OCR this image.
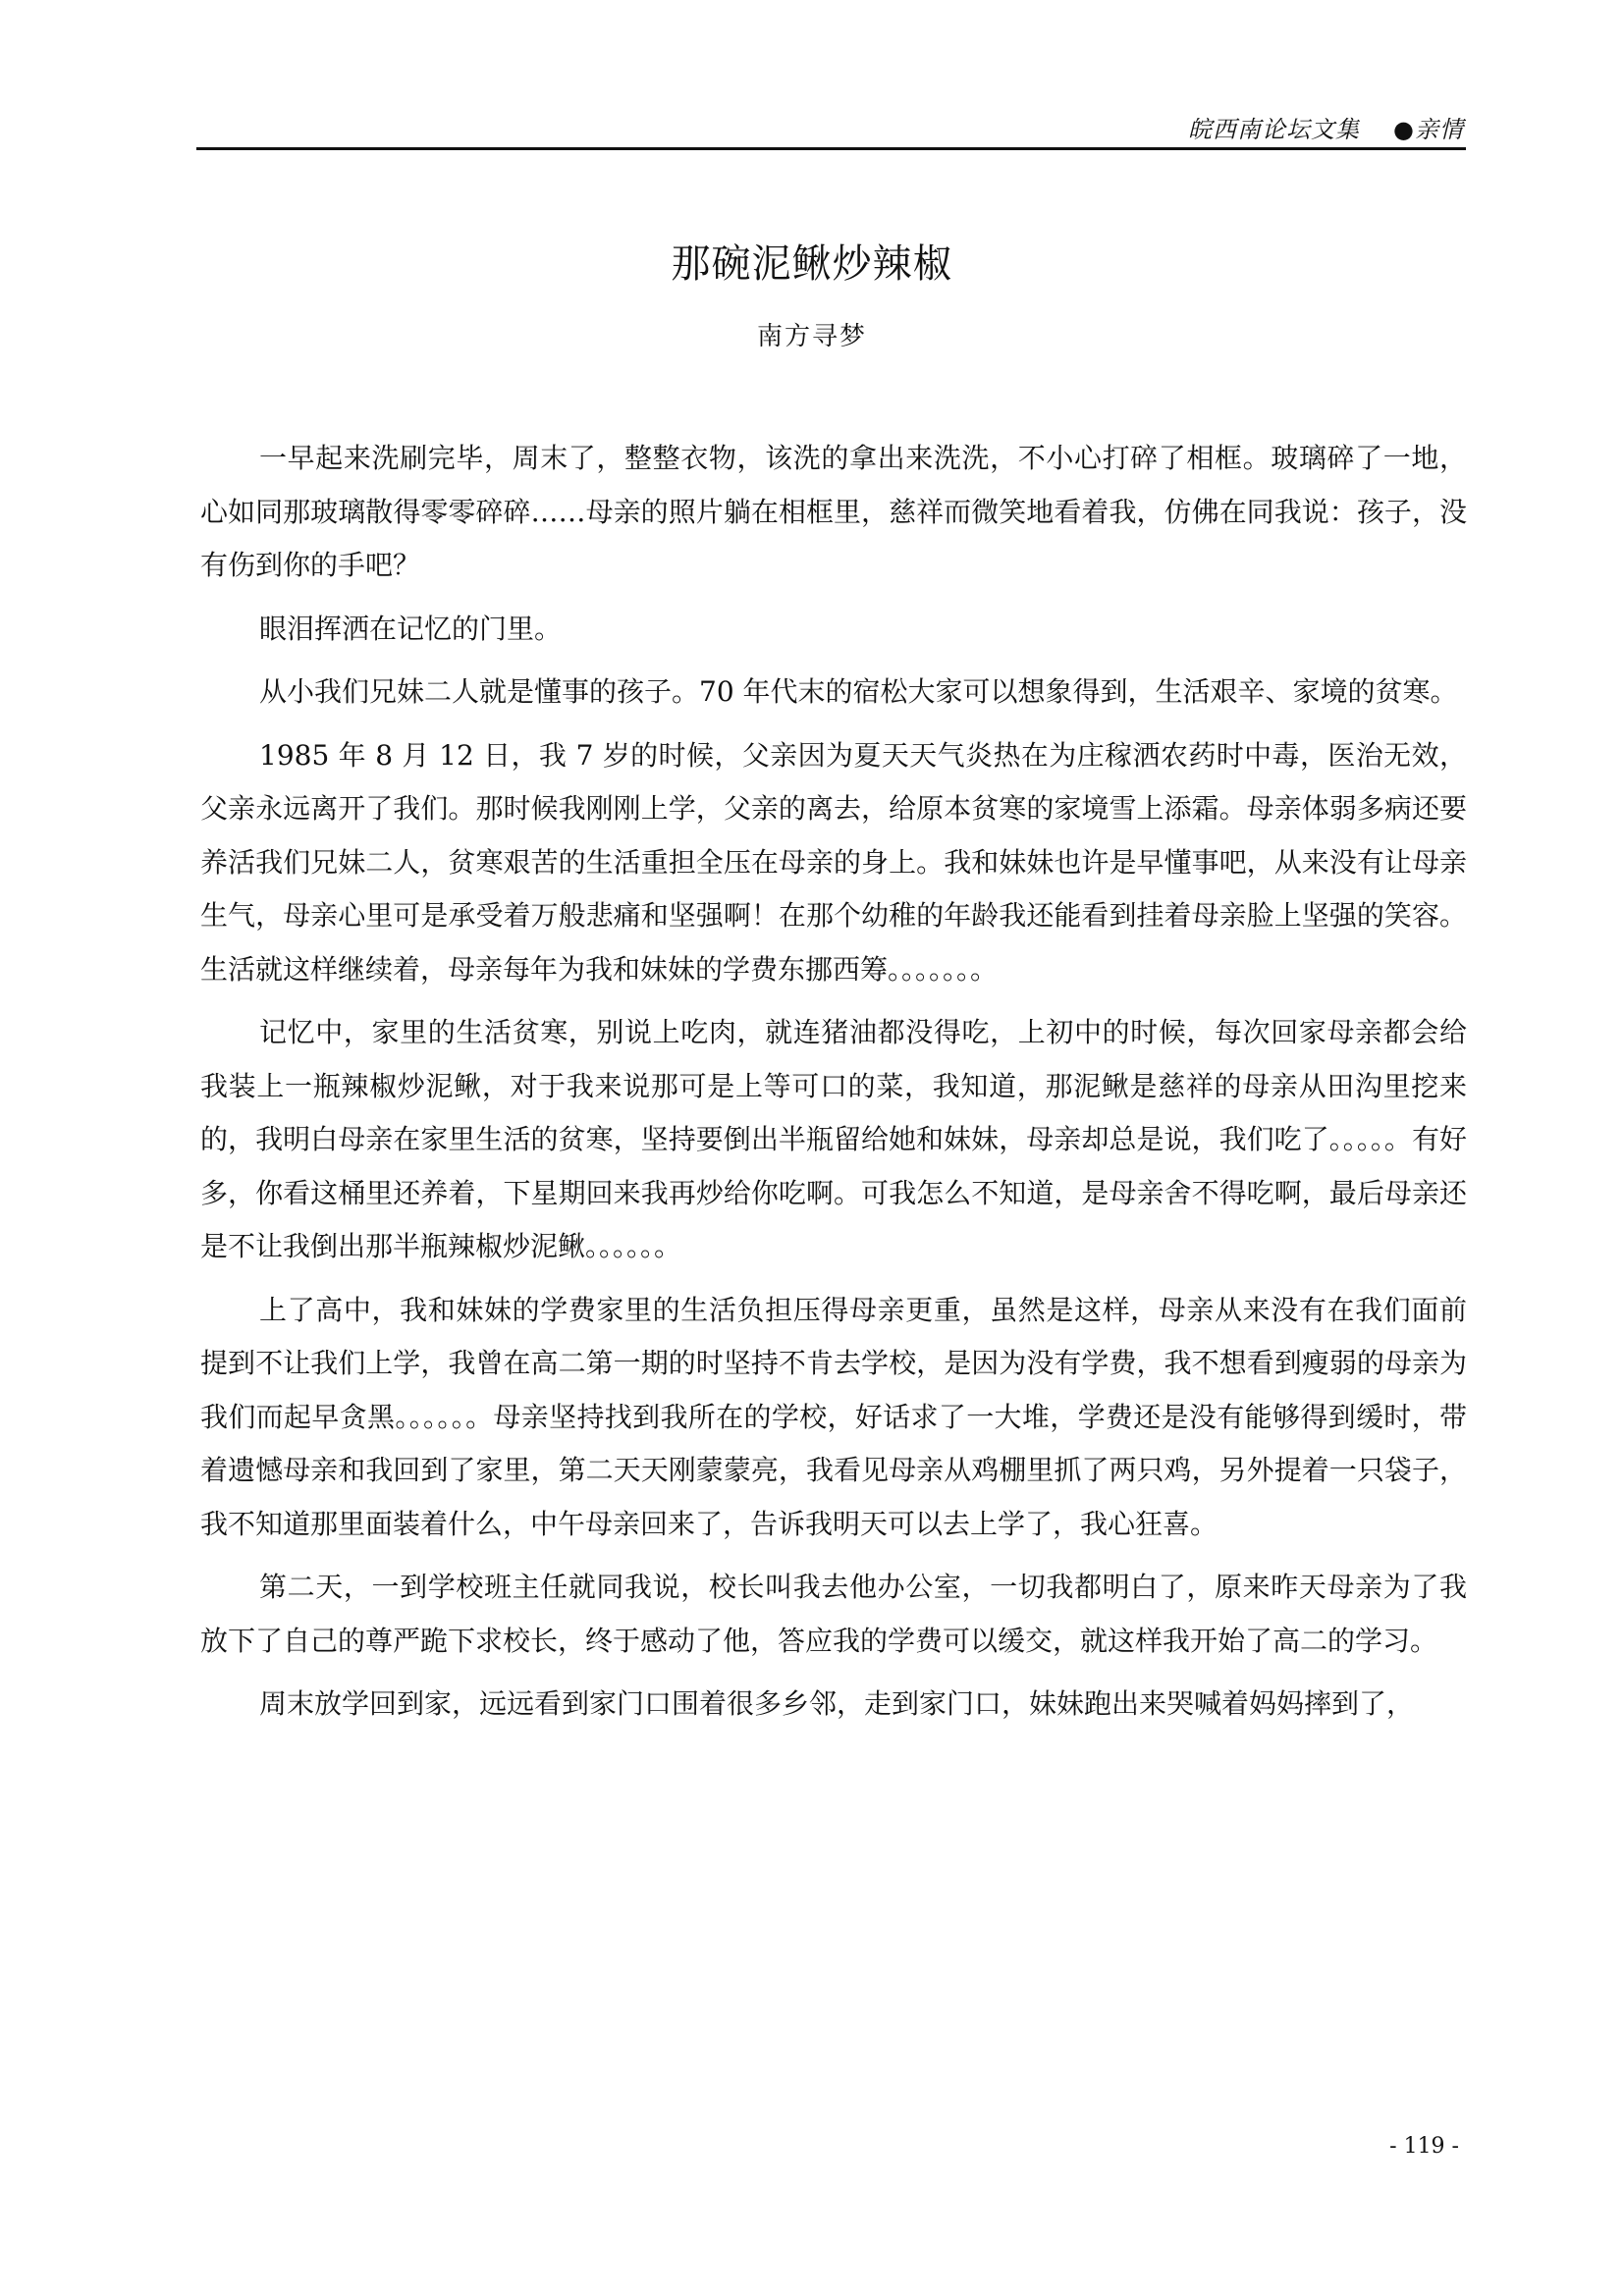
皖西南论坛文集 ●亲情
那碗泥鳅炒辣椒
南方寻梦

一早起来洗刷完毕，周末了，整整衣物，该洗的拿出来洗洗，不小心打碎了相框。玻璃碎了一地，心如同那玻璃散得零零碎碎……母亲的照片躺在相框里，慈祥而微笑地看着我，仿佛在同我说：孩子，没有伤到你的手吧？

眼泪挥洒在记忆的门里。

从小我们兄妹二人就是懂事的孩子。70 年代末的宿松大家可以想象得到，生活艰辛、家境的贫寒。

1985 年 8 月 12 日，我 7 岁的时候，父亲因为夏天天气炎热在为庄稼洒农药时中毒，医治无效，父亲永远离开了我们。那时候我刚刚上学，父亲的离去，给原本贫寒的家境雪上添霜。母亲体弱多病还要养活我们兄妹二人，贫寒艰苦的生活重担全压在母亲的身上。我和妹妹也许是早懂事吧，从来没有让母亲生气，母亲心里可是承受着万般悲痛和坚强啊！在那个幼稚的年龄我还能看到挂着母亲脸上坚强的笑容。生活就这样继续着，母亲每年为我和妹妹的学费东挪西筹。。。。。。。

记忆中，家里的生活贫寒，别说上吃肉，就连猪油都没得吃，上初中的时候，每次回家母亲都会给我装上一瓶辣椒炒泥鳅，对于我来说那可是上等可口的菜，我知道，那泥鳅是慈祥的母亲从田沟里挖来的，我明白母亲在家里生活的贫寒，坚持要倒出半瓶留给她和妹妹，母亲却总是说，我们吃了。。。。。有好多，你看这桶里还养着，下星期回来我再炒给你吃啊。可我怎么不知道，是母亲舍不得吃啊，最后母亲还是不让我倒出那半瓶辣椒炒泥鳅。。。。。。

上了高中，我和妹妹的学费家里的生活负担压得母亲更重，虽然是这样，母亲从来没有在我们面前提到不让我们上学，我曾在高二第一期的时坚持不肯去学校，是因为没有学费，我不想看到瘦弱的母亲为我们而起早贪黑。。。。。。母亲坚持找到我所在的学校，好话求了一大堆，学费还是没有能够得到缓时，带着遗憾母亲和我回到了家里，第二天天刚蒙蒙亮，我看见母亲从鸡棚里抓了两只鸡，另外提着一只袋子，我不知道那里面装着什么，中午母亲回来了，告诉我明天可以去上学了，我心狂喜。

第二天，一到学校班主任就同我说，校长叫我去他办公室，一切我都明白了，原来昨天母亲为了我放下了自己的尊严跪下求校长，终于感动了他，答应我的学费可以缓交，就这样我开始了高二的学习。

周末放学回到家，远远看到家门口围着很多乡邻，走到家门口，妹妹跑出来哭喊着妈妈摔到了，

- 119 -
